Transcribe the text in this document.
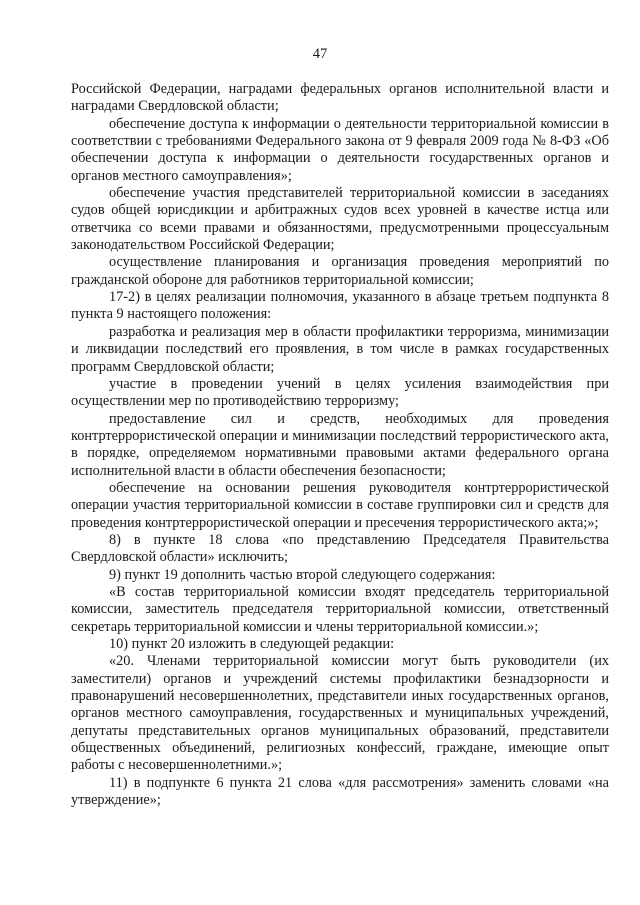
47

Российской Федерации, наградами федеральных органов исполнительной власти и наградами Свердловской области;

обеспечение доступа к информации о деятельности территориальной комиссии в соответствии с требованиями Федерального закона от 9 февраля 2009 года № 8-ФЗ «Об обеспечении доступа к информации о деятельности государственных органов и органов местного самоуправления»;

обеспечение участия представителей территориальной комиссии в заседаниях судов общей юрисдикции и арбитражных судов всех уровней в качестве истца или ответчика со всеми правами и обязанностями, предусмотренными процессуальным законодательством Российской Федерации;

осуществление планирования и организация проведения мероприятий по гражданской обороне для работников территориальной комиссии;

17-2) в целях реализации полномочия, указанного в абзаце третьем подпункта 8 пункта 9 настоящего положения:

разработка и реализация мер в области профилактики терроризма, минимизации и ликвидации последствий его проявления, в том числе в рамках государственных программ Свердловской области;

участие в проведении учений в целях усиления взаимодействия при осуществлении мер по противодействию терроризму;

предоставление сил и средств, необходимых для проведения контртеррористической операции и минимизации последствий террористического акта, в порядке, определяемом нормативными правовыми актами федерального органа исполнительной власти в области обеспечения безопасности;

обеспечение на основании решения руководителя контртеррористической операции участия территориальной комиссии в составе группировки сил и средств для проведения контртеррористической операции и пресечения террористического акта;»;

8) в пункте 18 слова «по представлению Председателя Правительства Свердловской области» исключить;

9) пункт 19 дополнить частью второй следующего содержания:

«В состав территориальной комиссии входят председатель территориальной комиссии, заместитель председателя территориальной комиссии, ответственный секретарь территориальной комиссии и члены территориальной комиссии.»;

10) пункт 20 изложить в следующей редакции:

«20. Членами территориальной комиссии могут быть руководители (их заместители) органов и учреждений системы профилактики безнадзорности и правонарушений несовершеннолетних, представители иных государственных органов, органов местного самоуправления, государственных и муниципальных учреждений, депутаты представительных органов муниципальных образований, представители общественных объединений, религиозных конфессий, граждане, имеющие опыт работы с несовершеннолетними.»;

11) в подпункте 6 пункта 21 слова «для рассмотрения» заменить словами «на утверждение»;
